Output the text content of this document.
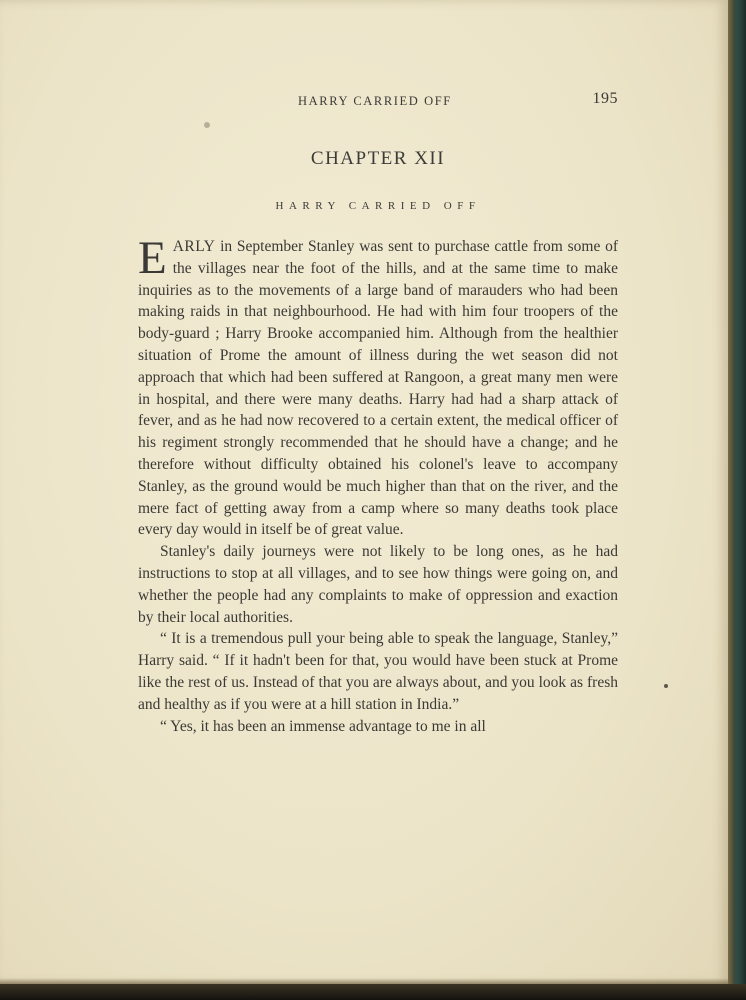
HARRY CARRIED OFF	195
CHAPTER XII
HARRY CARRIED OFF

EARLY in September Stanley was sent to purchase cattle from some of the villages near the foot of the hills, and at the same time to make inquiries as to the movements of a large band of marauders who had been making raids in that neighbourhood. He had with him four troopers of the body-guard ; Harry Brooke accompanied him. Although from the healthier situation of Prome the amount of illness during the wet season did not approach that which had been suffered at Rangoon, a great many men were in hospital, and there were many deaths. Harry had had a sharp attack of fever, and as he had now recovered to a certain extent, the medical officer of his regiment strongly recommended that he should have a change; and he therefore without difficulty obtained his colonel's leave to accompany Stanley, as the ground would be much higher than that on the river, and the mere fact of getting away from a camp where so many deaths took place every day would in itself be of great value.

Stanley's daily journeys were not likely to be long ones, as he had instructions to stop at all villages, and to see how things were going on, and whether the people had any complaints to make of oppression and exaction by their local authorities.

“ It is a tremendous pull your being able to speak the language, Stanley,” Harry said. “ If it hadn't been for that, you would have been stuck at Prome like the rest of us. Instead of that you are always about, and you look as fresh and healthy as if you were at a hill station in India.”

“ Yes, it has been an immense advantage to me in all
